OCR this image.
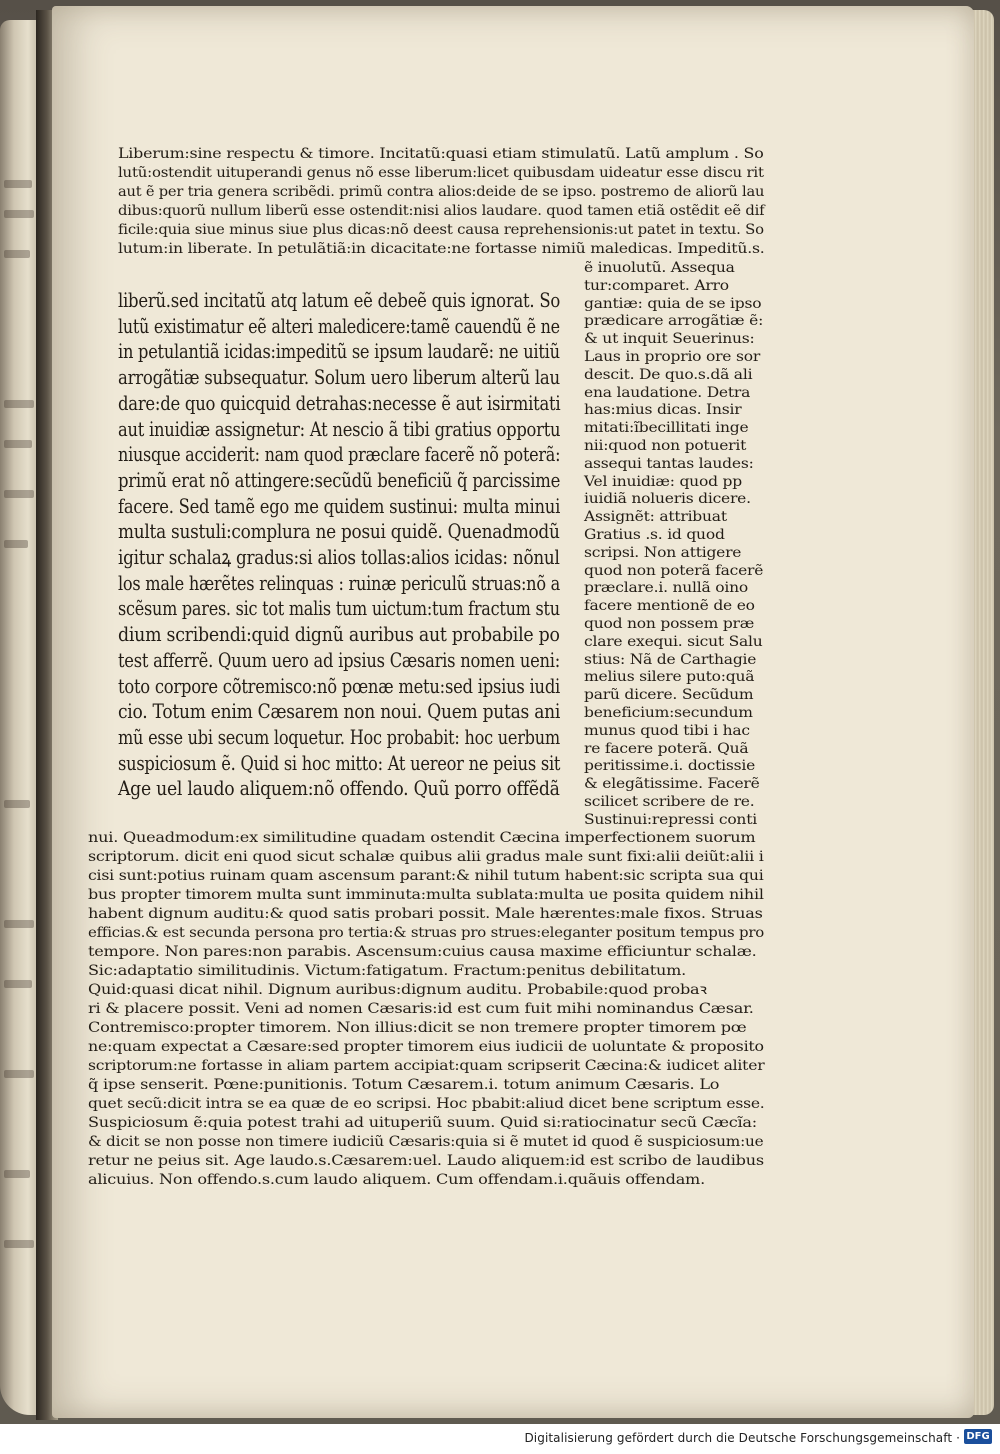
Liberum:sine respectu & timore. Incitatũ:quasi etiam stimulatũ. Latũ amplum . So
lutũ:ostendit uituperandi genus nõ esse liberum:licet quibusdam uideatur esse discu rit
aut ẽ per tria genera scribẽdi. primũ contra alios:deide de se ipso. postremo de aliorũ lau
dibus:quorũ nullum liberũ esse ostendit:nisi alios laudare. quod tamen etiã ostẽdit eẽ dif
ficile:quia siue minus siue plus dicas:nõ deest causa reprehensionis:ut patet in textu. So
lutum:in liberate. In petulãtiã:in dicacitate:ne fortasse nimiũ maledicas. Impeditũ.s.
liberũ.sed incitatũ atq latum eẽ debeẽ quis ignorat. So
lutũ existimatur eẽ alteri maledicere:tamẽ cauendũ ẽ ne
in petulantiã icidas:impeditũ se ipsum laudarẽ: ne uitiũ
arrogãtiæ subsequatur. Solum uero liberum alterũ lau
dare:de quo quicquid detrahas:necesse ẽ aut isirmitati
aut inuidiæ assignetur: At nescio ã tibi gratius opportu
niusque acciderit: nam quod præclare facerẽ nõ poterã:
primũ erat nõ attingere:secũdũ beneficiũ q̃ parcissime
facere. Sed tamẽ ego me quidem sustinui: multa minui
multa sustuli:complura ne posui quidẽ. Quenadmodũ
igitur schalaꝝ gradus:si alios tollas:alios icidas: nõnul
los male hærẽtes relinquas : ruinæ periculũ struas:nõ a
scẽsum pares. sic tot malis tum uictum:tum fractum stu
dium scribendi:quid dignũ auribus aut probabile po
test afferrẽ. Quum uero ad ipsius Cæsaris nomen ueni:
toto corpore cõtremisco:nõ pœnæ metu:sed ipsius iudi
cio. Totum enim Cæsarem non noui. Quem putas ani
mũ esse ubi secum loquetur. Hoc probabit: hoc uerbum
suspiciosum ẽ. Quid si hoc mitto: At uereor ne peius sit
Age uel laudo aliquem:nõ offendo. Quũ porro offẽdã
ẽ inuolutũ. Assequa
tur:comparet. Arro
gantiæ: quia de se ipso
prædicare arrogãtiæ ẽ:
& ut inquit Seuerinus:
Laus in proprio ore sor
descit. De quo.s.dã ali
ena laudatione. Detra
has:mius dicas. Insir
mitati:ĩbecillitati inge
nii:quod non potuerit
assequi tantas laudes:
Vel inuidiæ: quod pp
iuidiã nolueris dicere.
Assignẽt: attribuat
Gratius .s. id quod
scripsi. Non attigere
quod non poterã facerẽ
præclare.i. nullã oino
facere mentionẽ de eo
quod non possem præ
clare exequi. sicut Salu
stius: Nã de Carthagie
melius silere puto:quã
parũ dicere. Secũdum
beneficium:secundum
munus quod tibi i hac
re facere poterã. Quã
peritissime.i. doctissie
& elegãtissime. Facerẽ
scilicet scribere de re.
Sustinui:repressi conti
nui. Queadmodum:ex similitudine quadam ostendit Cæcina imperfectionem suorum
scriptorum. dicit eni quod sicut schalæ quibus alii gradus male sunt fixi:alii deiũt:alii i
cisi sunt:potius ruinam quam ascensum parant:& nihil tutum habent:sic scripta sua qui
bus propter timorem multa sunt imminuta:multa sublata:multa ue posita quidem nihil
habent dignum auditu:& quod satis probari possit. Male hærentes:male fixos. Struas
efficias.& est secunda persona pro tertia:& struas pro strues:eleganter positum tempus pro
tempore. Non pares:non parabis. Ascensum:cuius causa maxime efficiuntur schalæ.
Sic:adaptatio similitudinis. Victum:fatigatum. Fractum:penitus debilitatum.
Quid:quasi dicat nihil. Dignum auribus:dignum auditu. Probabile:quod probaꝛ
ri & placere possit. Veni ad nomen Cæsaris:id est cum fuit mihi nominandus Cæsar.
Contremisco:propter timorem. Non illius:dicit se non tremere propter timorem pœ
ne:quam expectat a Cæsare:sed propter timorem eius iudicii de uoluntate & proposito
scriptorum:ne fortasse in aliam partem accipiat:quam scripserit Cæcina:& iudicet aliter
q̃ ipse senserit. Pœne:punitionis. Totum Cæsarem.i. totum animum Cæsaris. Lo
quet secũ:dicit intra se ea quæ de eo scripsi. Hoc pbabit:aliud dicet bene scriptum esse.
Suspiciosum ẽ:quia potest trahi ad uituperiũ suum. Quid si:ratiocinatur secũ Cæcĩa:
& dicit se non posse non timere iudiciũ Cæsaris:quia si ẽ mutet id quod ẽ suspiciosum:ue
retur ne peius sit. Age laudo.s.Cæsarem:uel. Laudo aliquem:id est scribo de laudibus
alicuius. Non offendo.s.cum laudo aliquem. Cum offendam.i.quãuis offendam.
Digitalisierung gefördert durch die Deutsche Forschungsgemeinschaft · DFG
